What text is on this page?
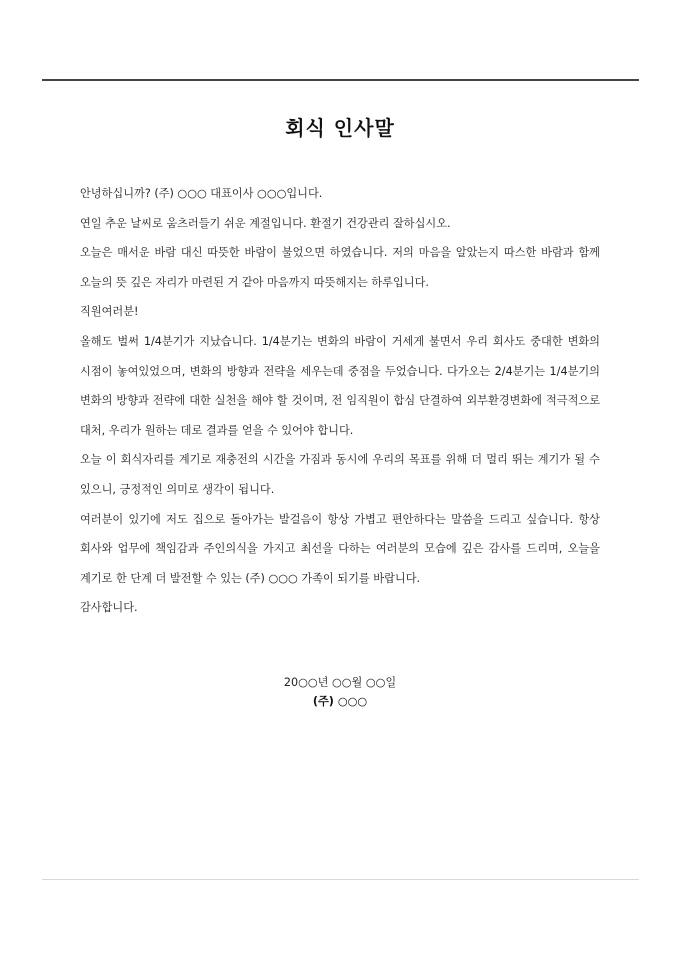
회식 인사말

안녕하십니까? (주) ○○○ 대표이사 ○○○입니다.

연일 추운 날씨로 움츠러들기 쉬운 계절입니다. 환절기 건강관리 잘하십시오.

오늘은 매서운 바람 대신 따뜻한 바람이 불었으면 하였습니다. 저의 마음을 알았는지 따스한 바람과 함께 오늘의 뜻 깊은 자리가 마련된 거 같아 마음까지 따뜻해지는 하루입니다.

직원여러분!

올해도 벌써 1/4분기가 지났습니다. 1/4분기는 변화의 바람이 거세게 불면서 우리 회사도 중대한 변화의 시점이 놓여있었으며, 변화의 방향과 전략을 세우는데 중점을 두었습니다. 다가오는 2/4분기는 1/4분기의 변화의 방향과 전략에 대한 실천을 해야 할 것이며, 전 임직원이 합심 단결하여 외부환경변화에 적극적으로 대처, 우리가 원하는 데로 결과를 얻을 수 있어야 합니다.

오늘 이 회식자리를 계기로 재충전의 시간을 가짐과 동시에 우리의 목표를 위해 더 멀리 뛰는 계기가 될 수 있으니, 긍정적인 의미로 생각이 됩니다.

여러분이 있기에 저도 집으로 돌아가는 발걸음이 항상 가볍고 편안하다는 말씀을 드리고 싶습니다. 항상 회사와 업무에 책임감과 주인의식을 가지고 최선을 다하는 여러분의 모습에 깊은 감사를 드리며, 오늘을 계기로 한 단계 더 발전할 수 있는 (주) ○○○ 가족이 되기를 바랍니다.

감사합니다.

20○○년 ○○월 ○○일

(주) ○○○
